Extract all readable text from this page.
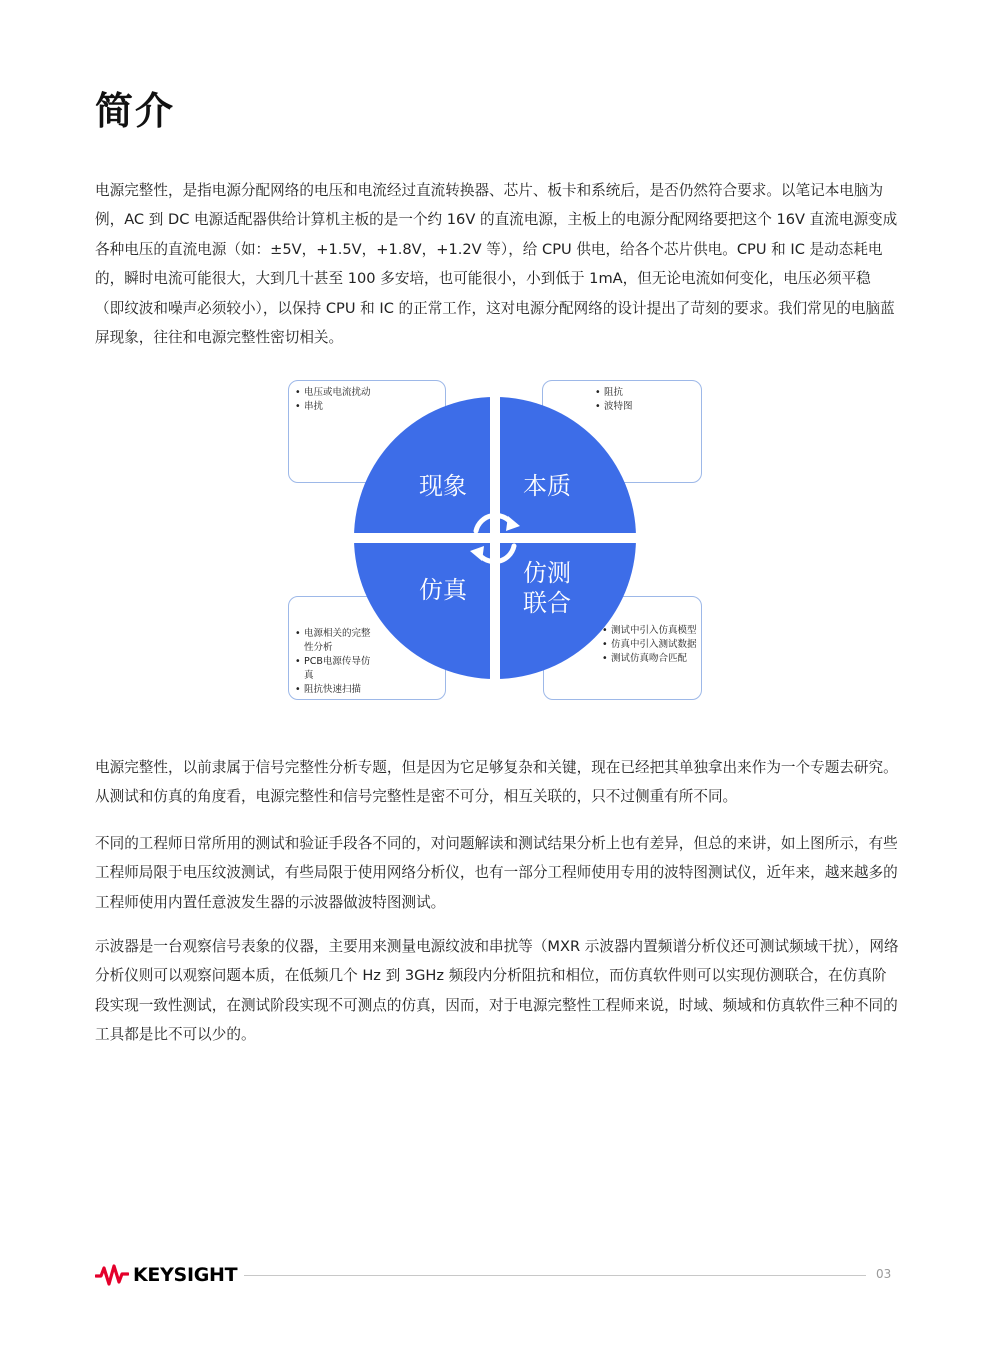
简介

电源完整性，是指电源分配网络的电压和电流经过直流转换器、芯片、板卡和系统后，是否仍然符合要求。以笔记本电脑为例，AC 到 DC 电源适配器供给计算机主板的是一个约 16V 的直流电源，主板上的电源分配网络要把这个 16V 直流电源变成各种电压的直流电源（如：±5V，+1.5V，+1.8V，+1.2V 等），给 CPU 供电，给各个芯片供电。CPU 和 IC 是动态耗电的，瞬时电流可能很大，大到几十甚至 100 多安培，也可能很小，小到低于 1mA，但无论电流如何变化，电压必须平稳（即纹波和噪声必须较小），以保持 CPU 和 IC 的正常工作，这对电源分配网络的设计提出了苛刻的要求。我们常见的电脑蓝屏现象，往往和电源完整性密切相关。

• 电压或电流扰动
• 串扰
• 阻抗
• 波特图
• 电源相关的完整性分析
• PCB电源传导仿真
• 阻抗快速扫描
• 测试中引入仿真模型
• 仿真中引入测试数据
• 测试仿真吻合匹配
现象	本质
仿真
仿测
联合

电源完整性，以前隶属于信号完整性分析专题，但是因为它足够复杂和关键，现在已经把其单独拿出来作为一个专题去研究。从测试和仿真的角度看，电源完整性和信号完整性是密不可分，相互关联的，只不过侧重有所不同。

不同的工程师日常所用的测试和验证手段各不同的，对问题解读和测试结果分析上也有差异，但总的来讲，如上图所示，有些工程师局限于电压纹波测试，有些局限于使用网络分析仪，也有一部分工程师使用专用的波特图测试仪，近年来，越来越多的工程师使用内置任意波发生器的示波器做波特图测试。

示波器是一台观察信号表象的仪器，主要用来测量电源纹波和串扰等（MXR 示波器内置频谱分析仪还可测试频域干扰），网络分析仪则可以观察问题本质，在低频几个 Hz 到 3GHz 频段内分析阻抗和相位，而仿真软件则可以实现仿测联合，在仿真阶段实现一致性测试，在测试阶段实现不可测点的仿真，因而，对于电源完整性工程师来说，时域、频域和仿真软件三种不同的工具都是比不可以少的。

KEYSIGHT	03
